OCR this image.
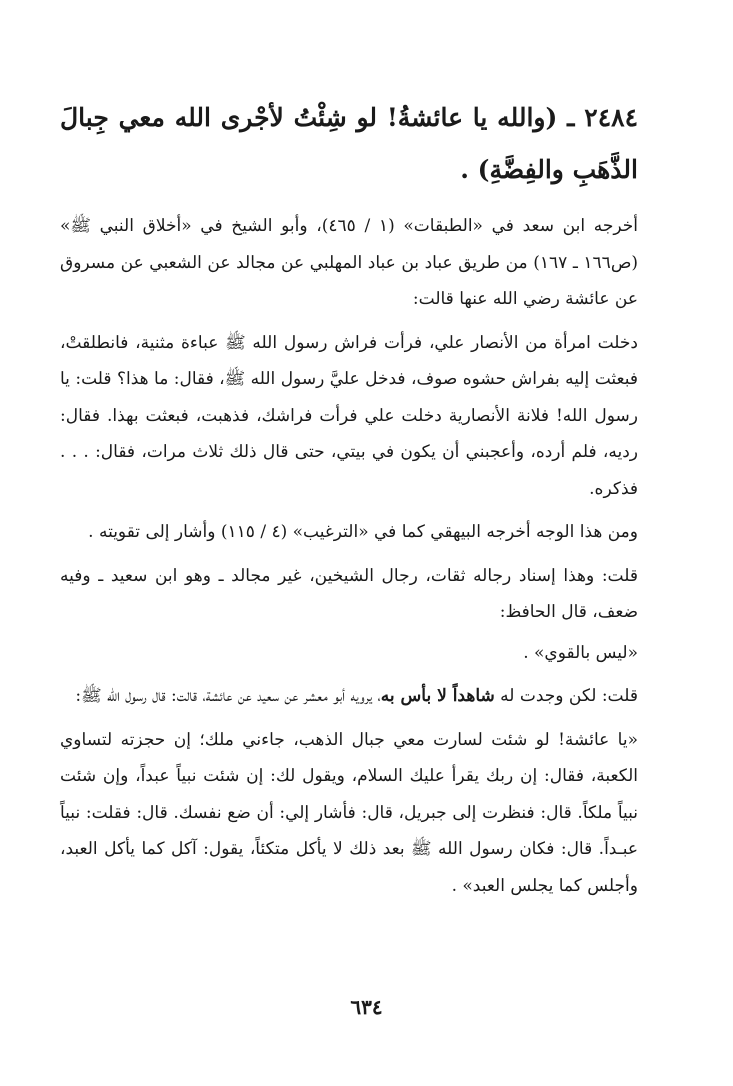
٢٤٨٤ ـ (والله يا عائشةُ! لو شِئْتُ لأجْرى الله معي جِبالَ الذَّهَبِ والفِضَّةِ) .

أخرجه ابن سعد في «الطبقات» (١ / ٤٦٥)، وأبو الشيخ في «أخلاق النبي ﷺ» (ص١٦٦ ـ ١٦٧) من طريق عباد بن عباد المهلبي عن مجالد عن الشعبي عن مسروق عن عائشة رضي الله عنها قالت:

دخلت امرأة من الأنصار علي، فرأت فراش رسول الله ﷺ عباءة مثنية، فانطلقتْ، فبعثت إليه بفراش حشوه صوف، فدخل عليَّ رسول الله ﷺ، فقال: ما هذا؟ قلت: يا رسول الله! فلانة الأنصارية دخلت علي فرأت فراشك، فذهبت، فبعثت بهذا. فقال: رديه، فلم أرده، وأعجبني أن يكون في بيتي، حتى قال ذلك ثلاث مرات، فقال: . . . فذكره.

ومن هذا الوجه أخرجه البيهقي كما في «الترغيب» (٤ / ١١٥) وأشار إلى تقويته .

قلت: وهذا إسناد رجاله ثقات، رجال الشيخين، غير مجالد ـ وهو ابن سعيد ـ وفيه ضعف، قال الحافظ:

«ليس بالقوي» .

قلت: لكن وجدت له شاهداً لا بأس به، يرويه أبو معشر عن سعيد عن عائشة، قالت: قال رسول الله ﷺ:

«يا عائشة! لو شئت لسارت معي جبال الذهب، جاءني ملك؛ إن حجزته لتساوي الكعبة، فقال: إن ربك يقرأ عليك السلام، ويقول لك: إن شئت نبياً عبداً، وإن شئت نبياً ملكاً. قال: فنظرت إلى جبريل، قال: فأشار إلي: أن ضع نفسك. قال: فقلت: نبياً عبـداً. قال: فكان رسول الله ﷺ بعد ذلك لا يأكل متكئاً، يقول: آكل كما يأكل العبد، وأجلس كما يجلس العبد» .

٦٣٤
